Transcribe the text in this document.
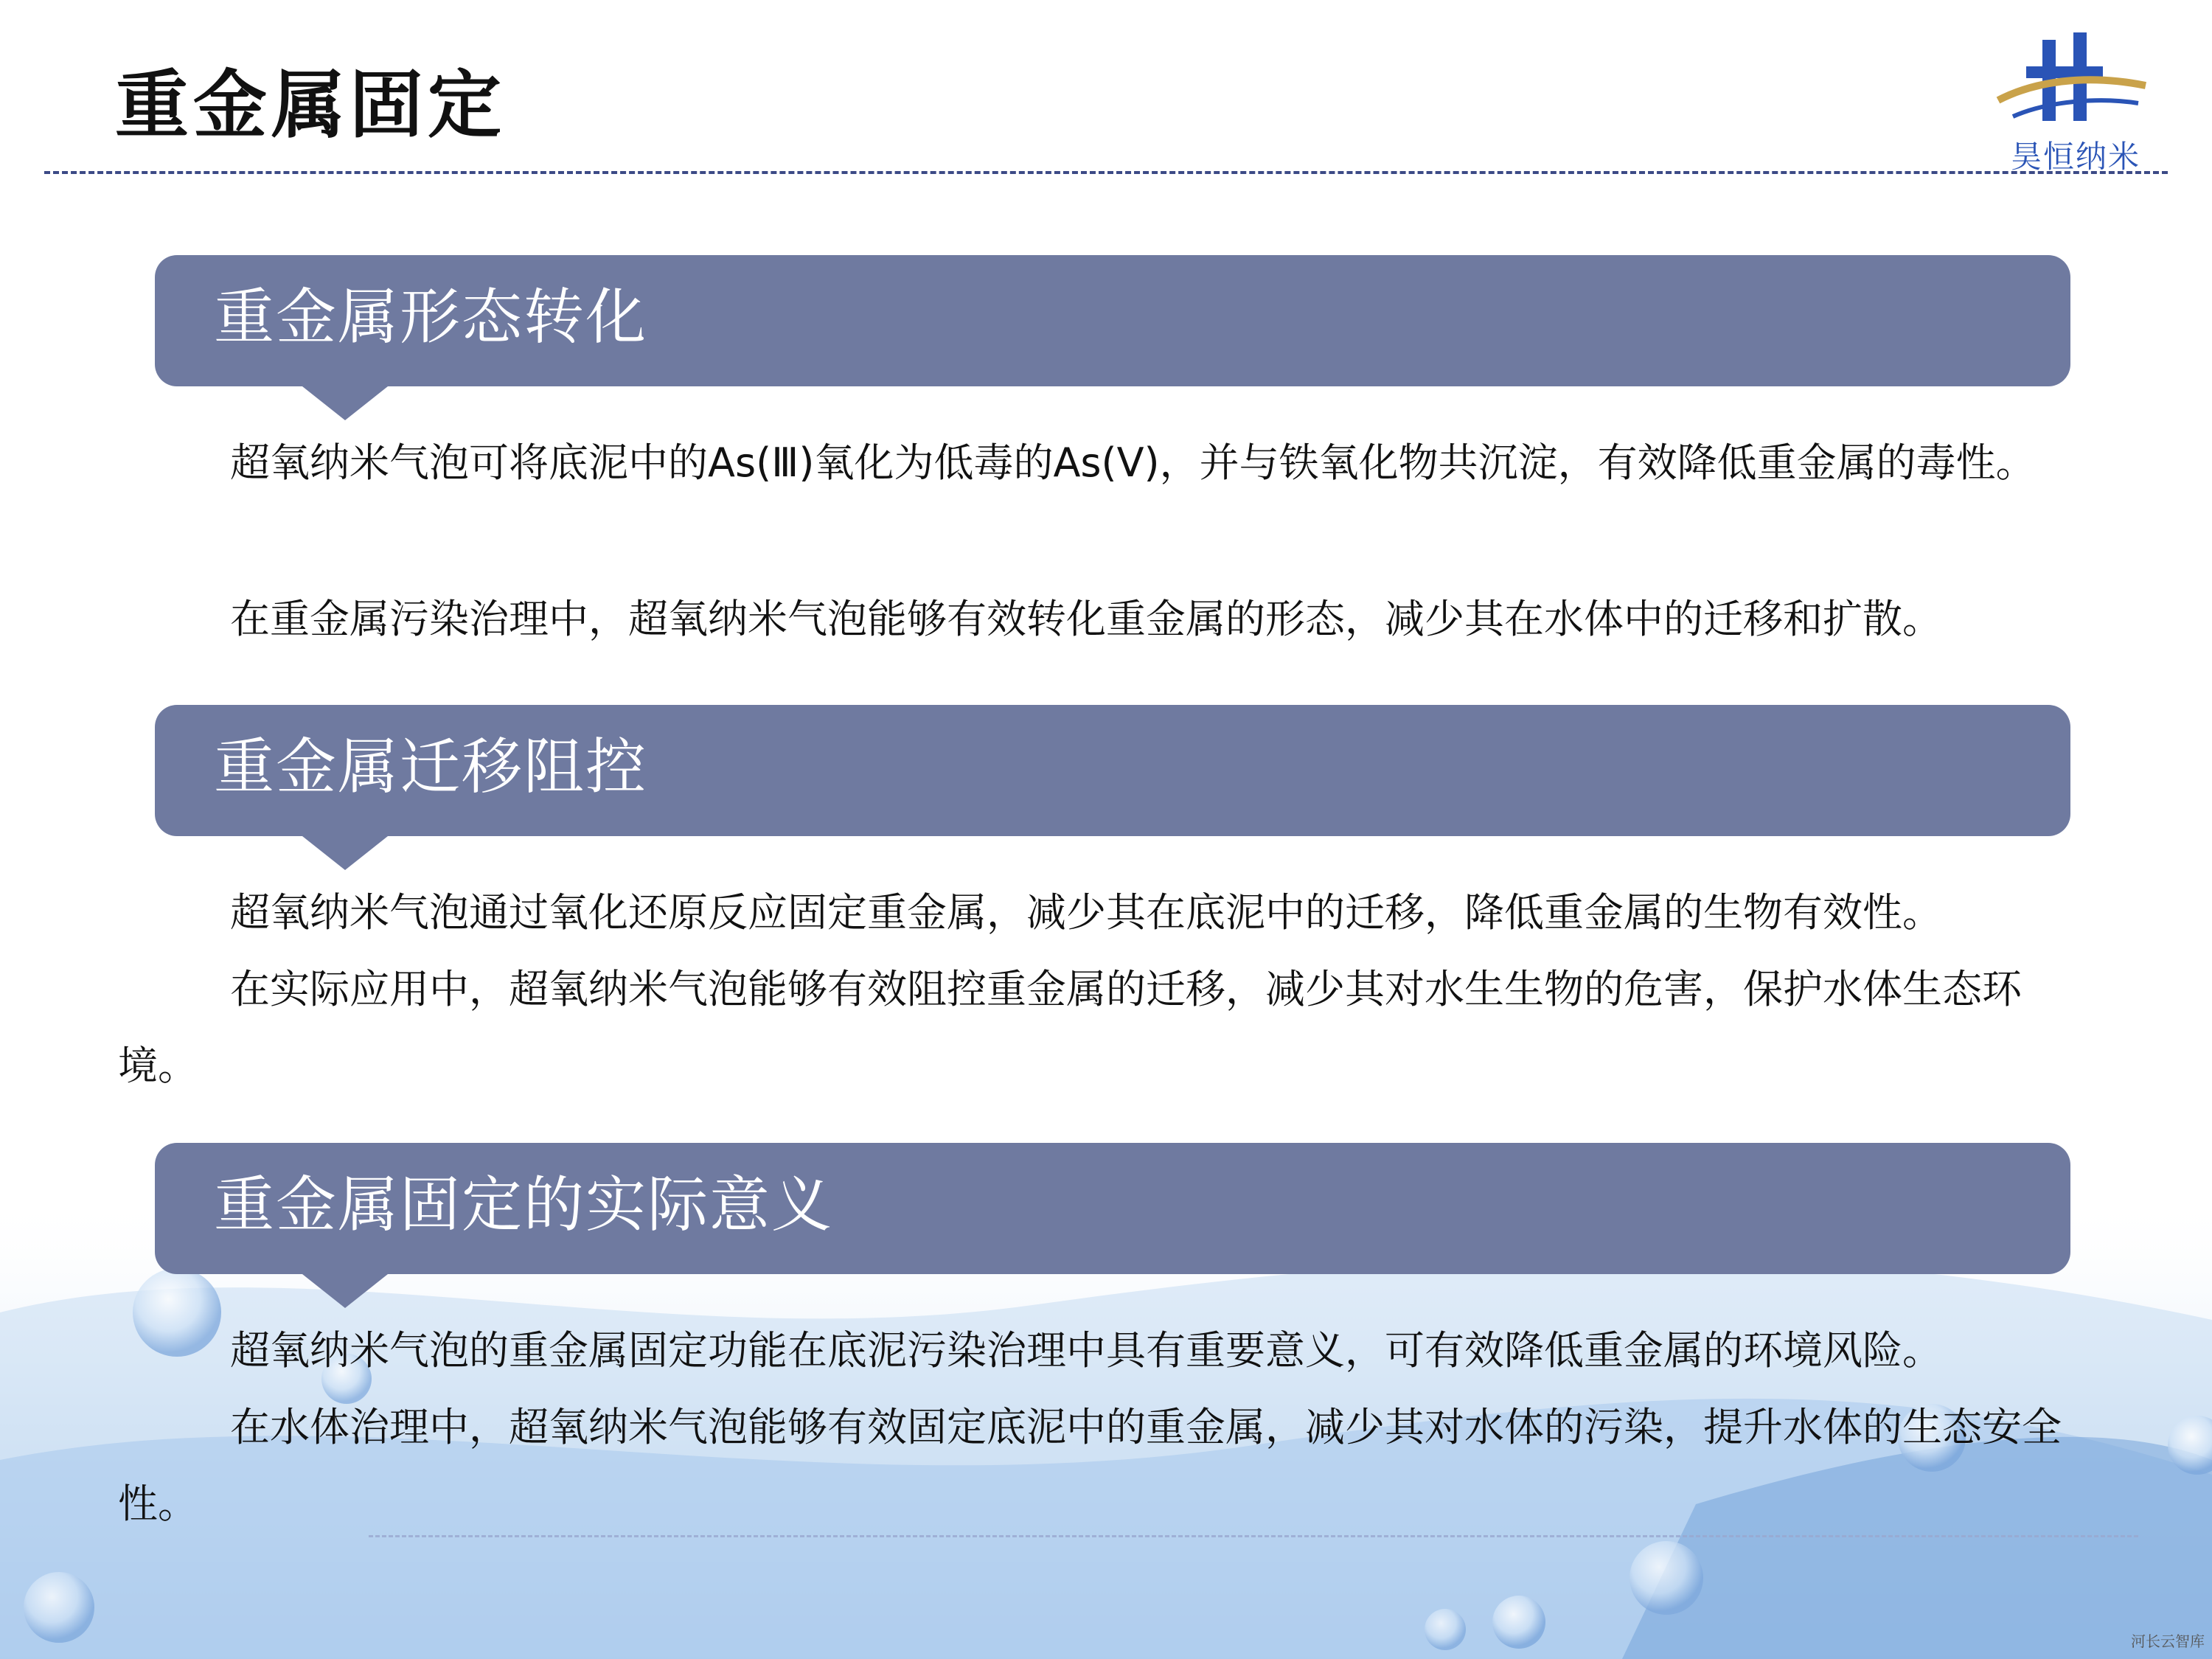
重金属固定
昊恒纳米
重金属形态转化

超氧纳米气泡可将底泥中的As(Ⅲ)氧化为低毒的As(Ⅴ)，并与铁氧化物共沉淀，有效降低重金属的毒性。

在重金属污染治理中，超氧纳米气泡能够有效转化重金属的形态，减少其在水体中的迁移和扩散。

重金属迁移阻控

超氧纳米气泡通过氧化还原反应固定重金属，减少其在底泥中的迁移，降低重金属的生物有效性。

在实际应用中，超氧纳米气泡能够有效阻控重金属的迁移，减少其对水生生物的危害，保护水体生态环境。

重金属固定的实际意义

超氧纳米气泡的重金属固定功能在底泥污染治理中具有重要意义，可有效降低重金属的环境风险。

在水体治理中，超氧纳米气泡能够有效固定底泥中的重金属，减少其对水体的污染，提升水体的生态安全性。

河长云智库
